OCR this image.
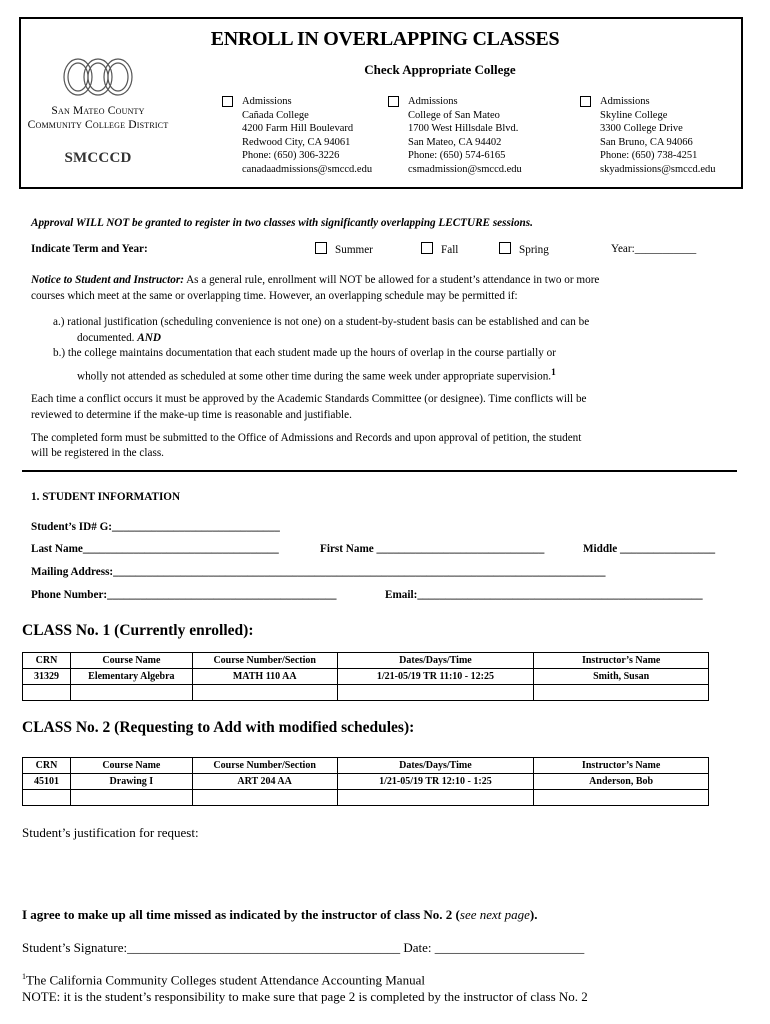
San Mateo County
Community College District
SMCCCD
ENROLL IN OVERLAPPING CLASSES
Check Appropriate College
Admissions
Cañada College
4200 Farm Hill Boulevard
Redwood City, CA 94061
Phone: (650) 306-3226
canadaadmissions@smccd.edu
Admissions
College of San Mateo
1700 West Hillsdale Blvd.
San Mateo, CA 94402
Phone: (650) 574-6165
csmadmission@smccd.edu
Admissions
Skyline College
3300 College Drive
San Bruno, CA 94066
Phone: (650) 738-4251
skyadmissions@smccd.edu
Approval WILL NOT be granted to register in two classes with significantly overlapping LECTURE sessions.
Indicate Term and Year:	Summer	Fall	Spring	Year:___________
Notice to Student and Instructor: As a general rule, enrollment will NOT be allowed for a student’s attendance in two or more
courses which meet at the same or overlapping time. However, an overlapping schedule may be permitted if:
a.) rational justification (scheduling convenience is not one) on a student-by-student basis can be established and can be
documented. AND
b.) the college maintains documentation that each student made up the hours of overlap in the course partially or
wholly not attended as scheduled at some other time during the same week under appropriate supervision.$^1$
Each time a conflict occurs it must be approved by the Academic Standards Committee (or designee). Time conflicts will be
reviewed to determine if the make-up time is reasonable and justifiable.
The completed form must be submitted to the Office of Admissions and Records and upon approval of petition, the student
will be registered in the class.
1. STUDENT INFORMATION
Student’s ID# G:______________________________
Last Name___________________________________	First Name ______________________________	Middle _________________
Mailing Address:________________________________________________________________________________________
Phone Number:_________________________________________	Email:___________________________________________________
CLASS No. 1 (Currently enrolled):
CRN	Course Name	Course Number/Section	Dates/Days/Time	Instructor’s Name
31329	Elementary Algebra	MATH 110 AA	1/21-05/19 TR 11:10 - 12:25	Smith, Susan

CLASS No. 2 (Requesting to Add with modified schedules):
CRN	Course Name	Course Number/Section	Dates/Days/Time	Instructor’s Name
45101	Drawing I	ART 204 AA	1/21-05/19 TR 12:10 - 1:25	Anderson, Bob

Student’s justification for request:
I agree to make up all time missed as indicated by the instructor of class No. 2 (see next page).
Student’s Signature:__________________________________________ Date: _______________________
$^1$The California Community Colleges student Attendance Accounting Manual
NOTE: it is the student’s responsibility to make sure that page 2 is completed by the instructor of class No. 2
